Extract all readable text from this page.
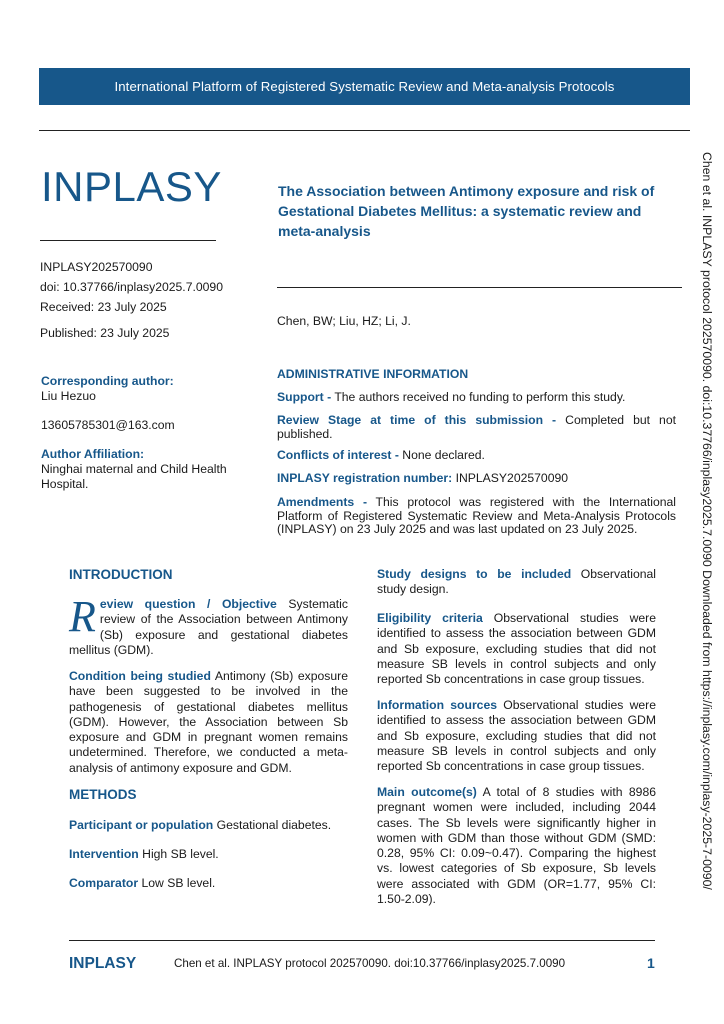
International Platform of Registered Systematic Review and Meta-analysis Protocols
INPLASY
INPLASY202570090
doi: 10.37766/inplasy2025.7.0090
Received: 23 July 2025
Published: 23 July 2025
The Association between Antimony exposure and risk of Gestational Diabetes Mellitus: a systematic review and meta-analysis
Chen, BW; Liu, HZ; Li, J.
Corresponding author:
Liu Hezuo
13605785301@163.com
Author Affiliation:
Ninghai maternal and Child Health Hospital.
ADMINISTRATIVE INFORMATION
Support - The authors received no funding to perform this study.
Review Stage at time of this submission - Completed but not published.
Conflicts of interest - None declared.
INPLASY registration number: INPLASY202570090
Amendments - This protocol was registered with the International Platform of Registered Systematic Review and Meta-Analysis Protocols (INPLASY) on 23 July 2025 and was last updated on 23 July 2025.
INTRODUCTION
R eview question / Objective Systematic review of the Association between Antimony (Sb) exposure and gestational diabetes mellitus (GDM).
Condition being studied Antimony (Sb) exposure have been suggested to be involved in the pathogenesis of gestational diabetes mellitus (GDM). However, the Association between Sb exposure and GDM in pregnant women remains undetermined. Therefore, we conducted a meta-analysis of antimony exposure and GDM.
METHODS
Participant or population Gestational diabetes.
Intervention High SB level.
Comparator Low SB level.
Study designs to be included Observational study design.
Eligibility criteria Observational studies were identified to assess the association between GDM and Sb exposure, excluding studies that did not measure SB levels in control subjects and only reported Sb concentrations in case group tissues.
Information sources Observational studies were identified to assess the association between GDM and Sb exposure, excluding studies that did not measure SB levels in control subjects and only reported Sb concentrations in case group tissues.
Main outcome(s) A total of 8 studies with 8986 pregnant women were included, including 2044 cases. The Sb levels were significantly higher in women with GDM than those without GDM (SMD: 0.28, 95% CI: 0.09~0.47). Comparing the highest vs. lowest categories of Sb exposure, Sb levels were associated with GDM (OR=1.77, 95% CI: 1.50-2.09).
Chen et al. INPLASY protocol 202570090. doi:10.37766/inplasy2025.7.0090 Downloaded from https://inplasy.com/inplasy-2025-7-0090/
INPLASY	Chen et al. INPLASY protocol 202570090. doi:10.37766/inplasy2025.7.0090	1
